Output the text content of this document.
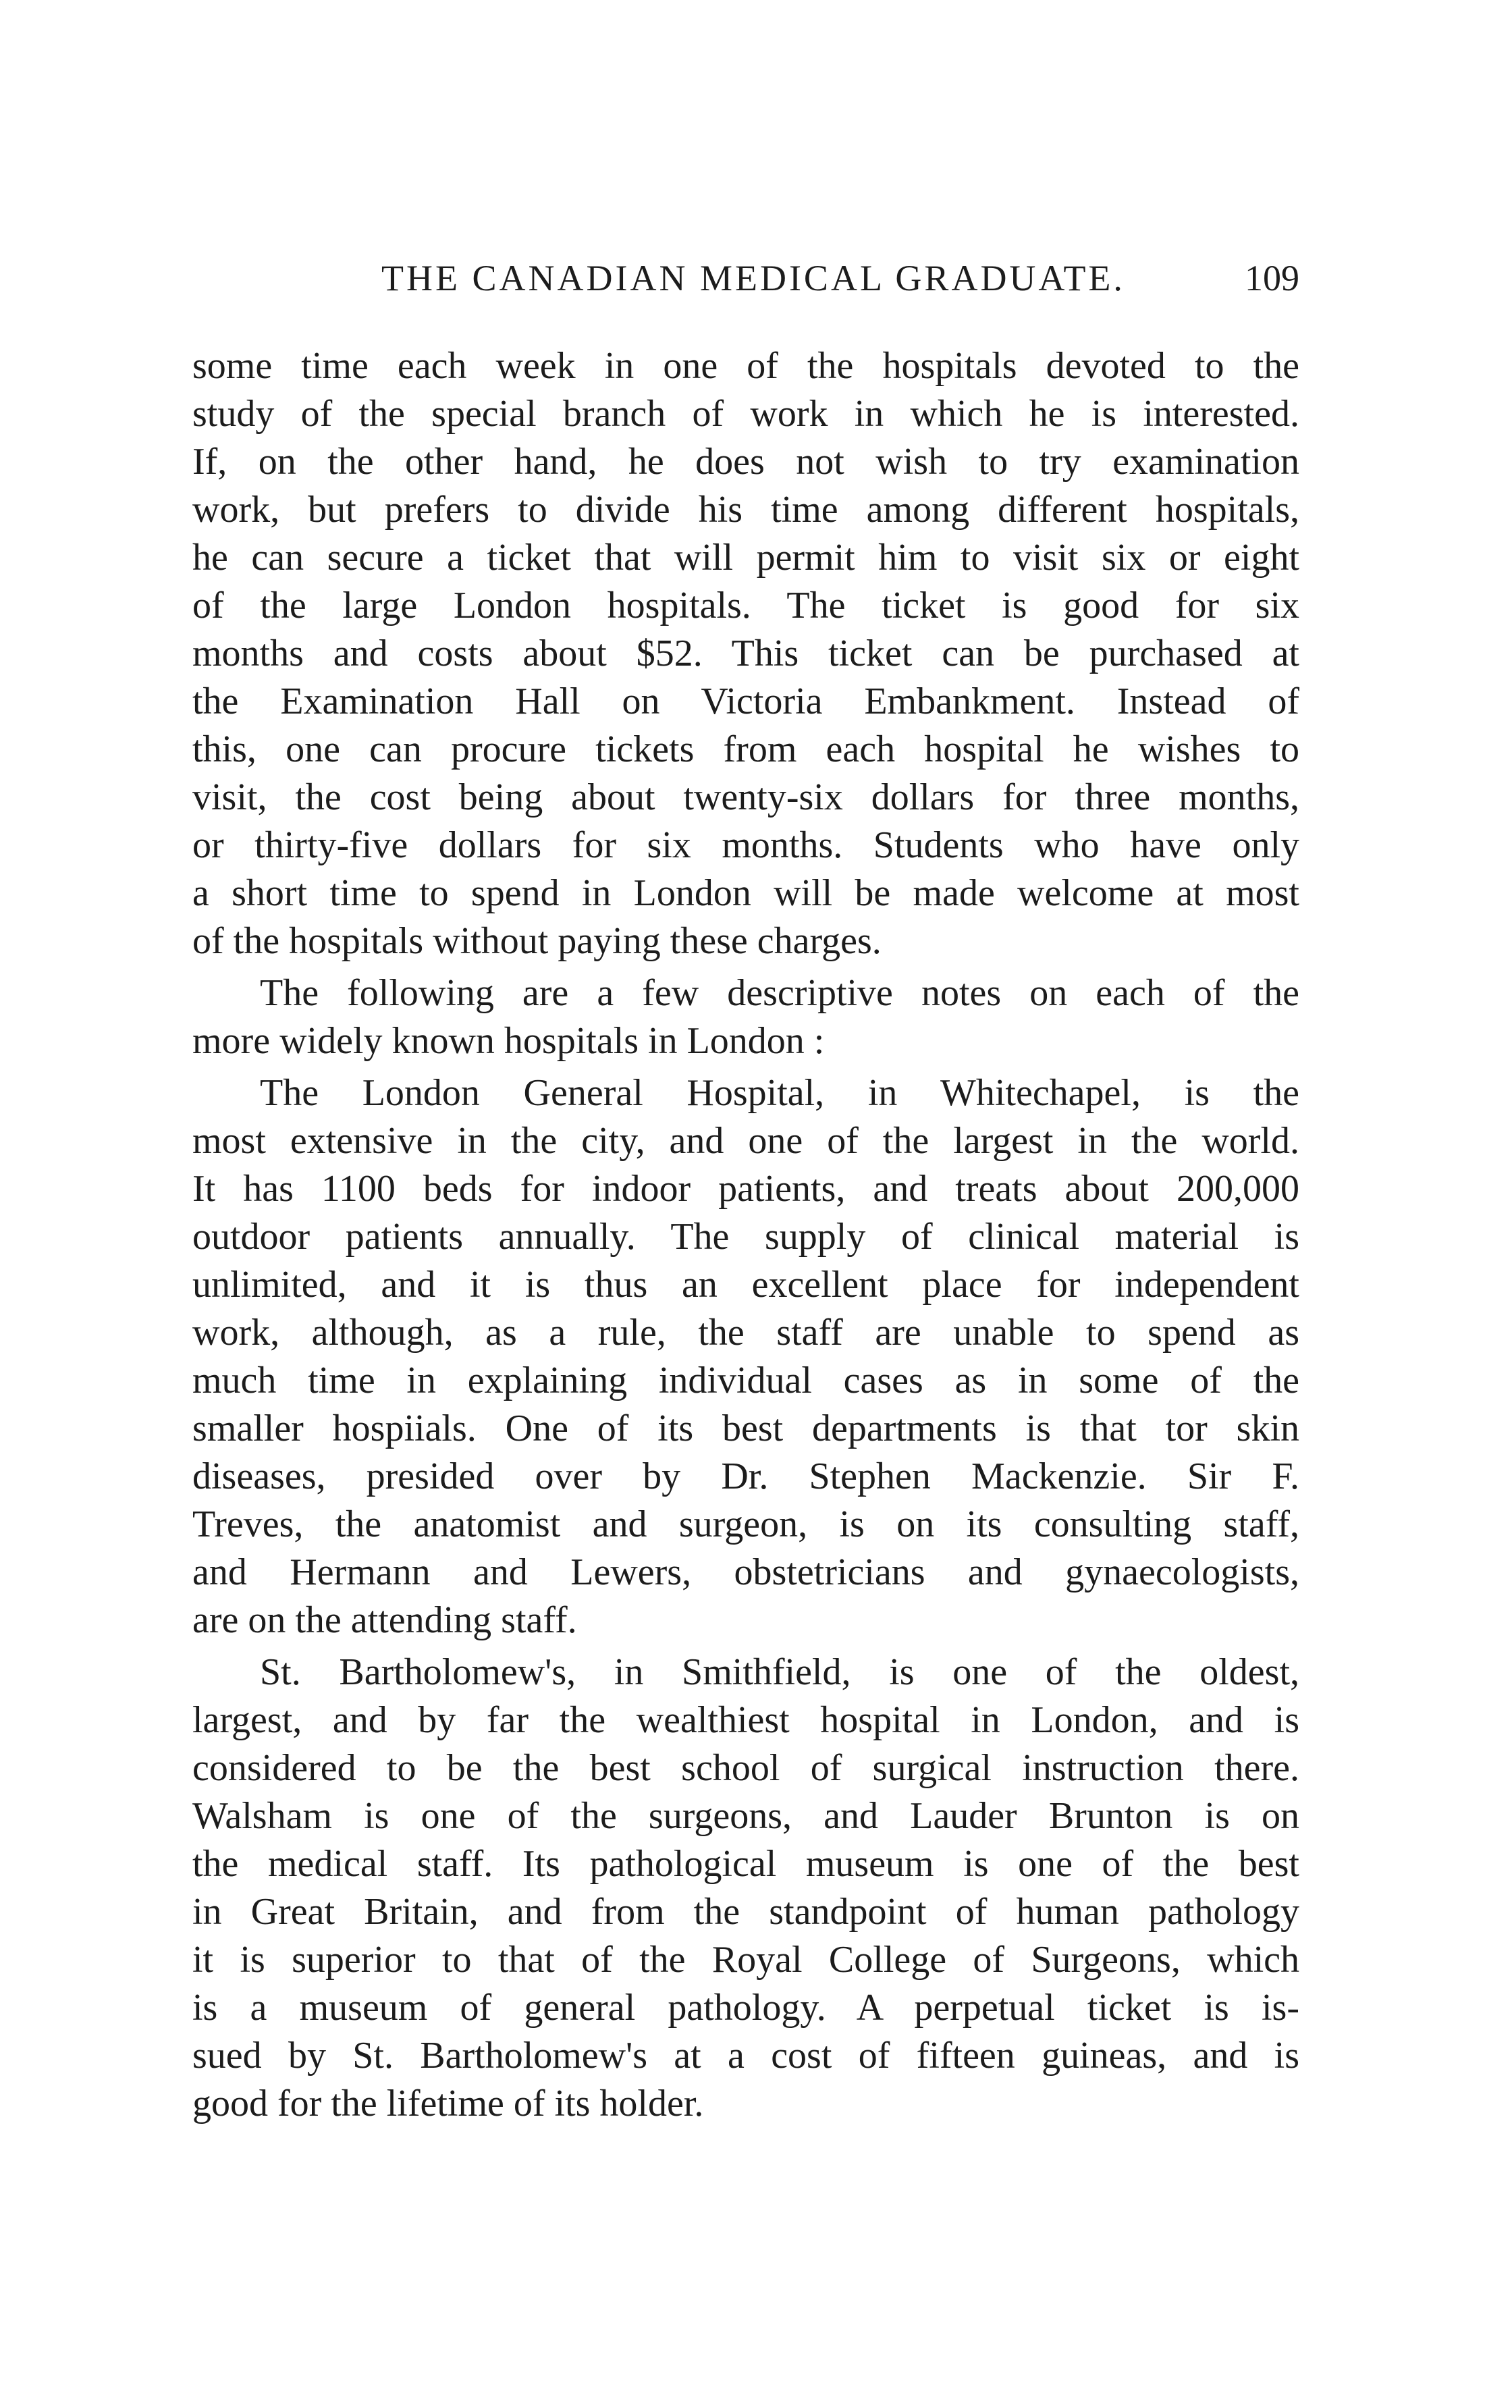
THE CANADIAN MEDICAL GRADUATE.	109
some time each week in one of the hospitals devoted to the
study of the special branch of work in which he is interested.
If, on the other hand, he does not wish to try examination
work, but prefers to divide his time among different hospitals,
he can secure a ticket that will permit him to visit six or eight
of the large London hospitals. The ticket is good for six
months and costs about $52. This ticket can be purchased at
the Examination Hall on Victoria Embankment. Instead of
this, one can procure tickets from each hospital he wishes to
visit, the cost being about twenty-six dollars for three months,
or thirty-five dollars for six months. Students who have only
a short time to spend in London will be made welcome at most
of the hospitals without paying these charges.
The following are a few descriptive notes on each of the
more widely known hospitals in London :
The London General Hospital, in Whitechapel, is the
most extensive in the city, and one of the largest in the world.
It has 1100 beds for indoor patients, and treats about 200,000
outdoor patients annually. The supply of clinical material is
unlimited, and it is thus an excellent place for independent
work, although, as a rule, the staff are unable to spend as
much time in explaining individual cases as in some of the
smaller hospiials. One of its best departments is that tor skin
diseases, presided over by Dr. Stephen Mackenzie. Sir F.
Treves, the anatomist and surgeon, is on its consulting staff,
and Hermann and Lewers, obstetricians and gynaecologists,
are on the attending staff.
St. Bartholomew's, in Smithfield, is one of the oldest,
largest, and by far the wealthiest hospital in London, and is
considered to be the best school of surgical instruction there.
Walsham is one of the surgeons, and Lauder Brunton is on
the medical staff. Its pathological museum is one of the best
in Great Britain, and from the standpoint of human pathology
it is superior to that of the Royal College of Surgeons, which
is a museum of general pathology. A perpetual ticket is is-
sued by St. Bartholomew's at a cost of fifteen guineas, and is
good for the lifetime of its holder.
